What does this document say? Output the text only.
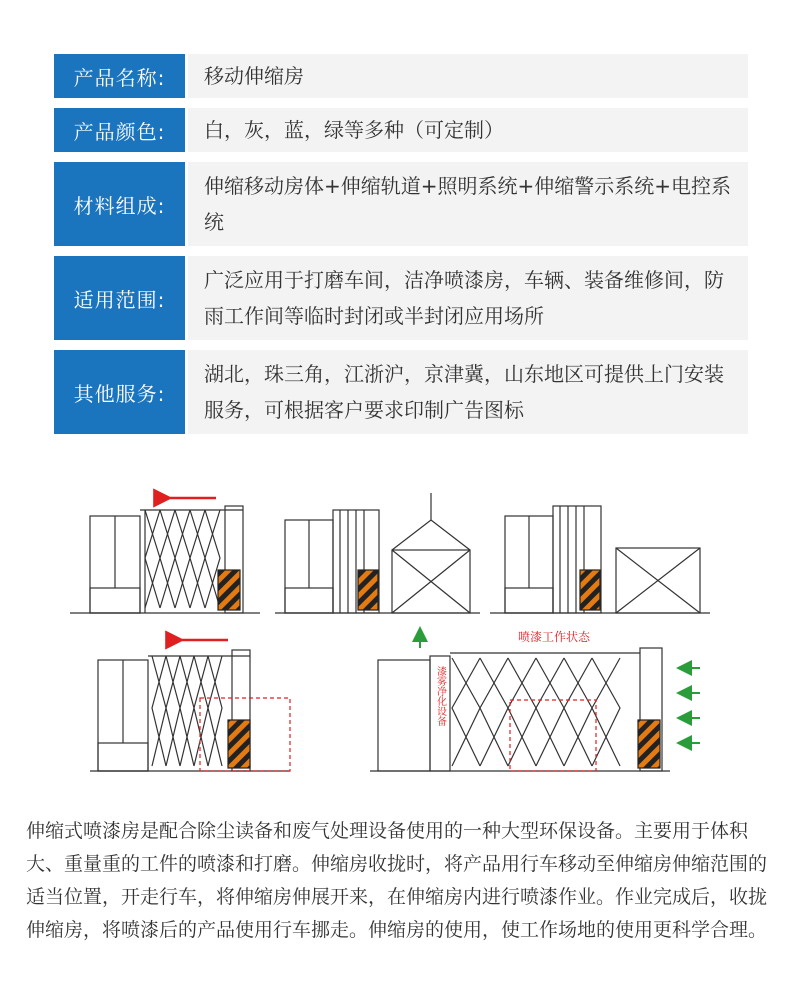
产品名称:	移动伸缩房
产品颜色:	白，灰，蓝，绿等多种（可定制）
材料组成:
伸缩移动房体+伸缩轨道+照明系统+伸缩警示系统+电控系统
适用范围:
广泛应用于打磨车间，洁净喷漆房，车辆、装备维修间，防雨工作间等临时封闭或半封闭应用场所
其他服务:
湖北，珠三角，江浙沪，京津冀，山东地区可提供上门安装服务，可根据客户要求印制广告图标
喷漆工作状态
漆雾净化设备

伸缩式喷漆房是配合除尘读备和废气处理设备使用的一种大型环保设备。主要用于体积大、重量重的工件的喷漆和打磨。伸缩房收拢时，将产品用行车移动至伸缩房伸缩范围的适当位置，开走行车，将伸缩房伸展开来，在伸缩房内进行喷漆作业。作业完成后，收拢伸缩房，将喷漆后的产品使用行车挪走。伸缩房的使用，使工作场地的使用更科学合理。
